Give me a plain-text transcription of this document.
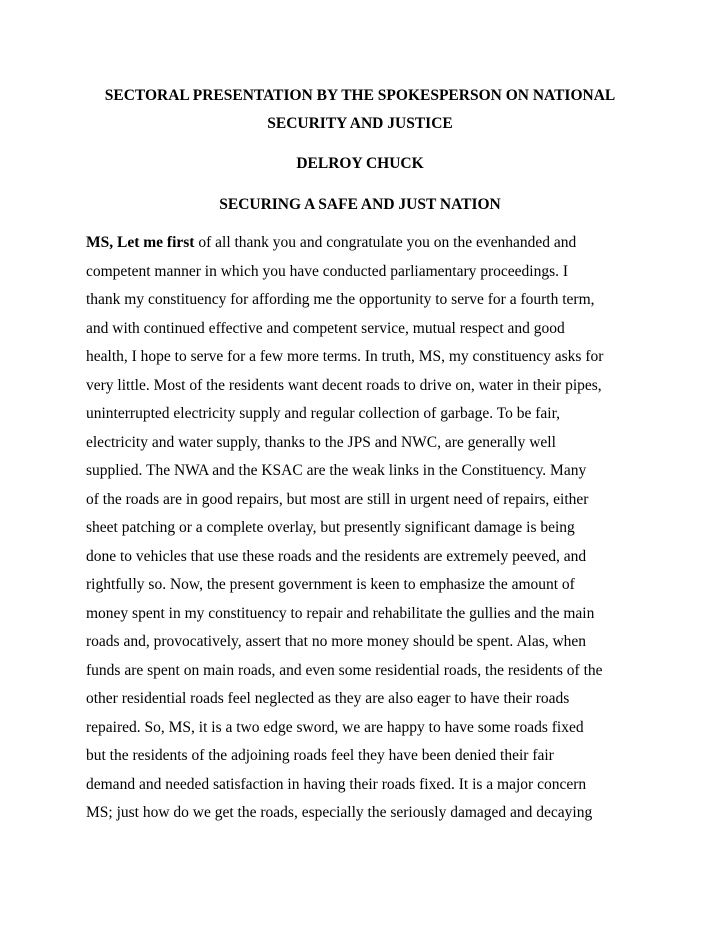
SECTORAL PRESENTATION BY THE SPOKESPERSON ON NATIONAL
SECURITY AND JUSTICE
DELROY CHUCK
SECURING A SAFE AND JUST NATION
MS, Let me first of all thank you and congratulate you on the evenhanded and
competent manner in which you have conducted parliamentary proceedings. I
thank my constituency for affording me the opportunity to serve for a fourth term,
and with continued effective and competent service, mutual respect and good
health, I hope to serve for a few more terms. In truth, MS, my constituency asks for
very little. Most of the residents want decent roads to drive on, water in their pipes,
uninterrupted electricity supply and regular collection of garbage. To be fair,
electricity and water supply, thanks to the JPS and NWC, are generally well
supplied. The NWA and the KSAC are the weak links in the Constituency. Many
of the roads are in good repairs, but most are still in urgent need of repairs, either
sheet patching or a complete overlay, but presently significant damage is being
done to vehicles that use these roads and the residents are extremely peeved, and
rightfully so. Now, the present government is keen to emphasize the amount of
money spent in my constituency to repair and rehabilitate the gullies and the main
roads and, provocatively, assert that no more money should be spent. Alas, when
funds are spent on main roads, and even some residential roads, the residents of the
other residential roads feel neglected as they are also eager to have their roads
repaired. So, MS, it is a two edge sword, we are happy to have some roads fixed
but the residents of the adjoining roads feel they have been denied their fair
demand and needed satisfaction in having their roads fixed. It is a major concern
MS; just how do we get the roads, especially the seriously damaged and decaying
